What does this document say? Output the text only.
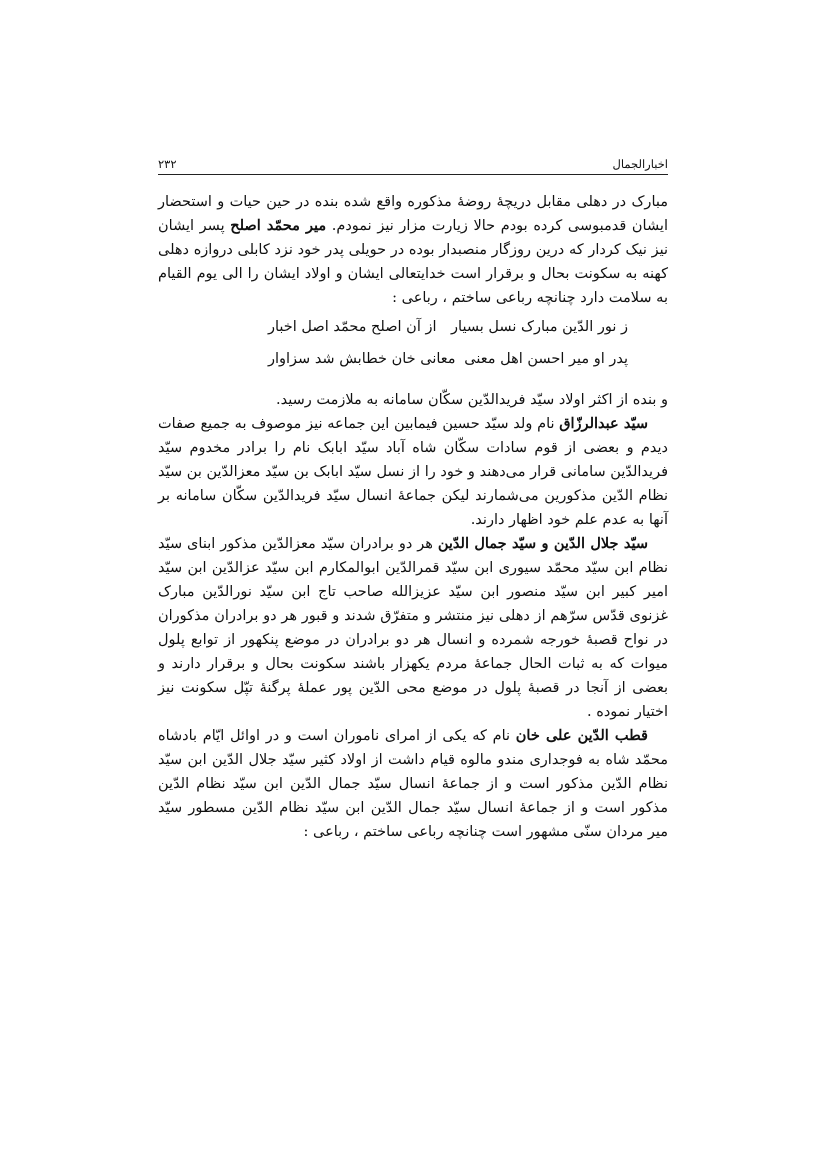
٢٣٢	اخبارالجمال

مبارک در دهلی مقابل دریچهٔ روضهٔ مذکوره واقع شده بنده در حین حیات و استحضار ایشان قدمبوسی کرده بودم حالا زیارت مزار نیز نمودم. میر محمّد اصلح پسر ایشان نیز نیک کردار که درین روزگار منصبدار بوده در حویلی پدر خود نزد کابلی دروازه دهلی کهنه به سکونت بحال و برقرار است خدایتعالی ایشان و اولاد ایشان را الی یوم القیام به سلامت دارد چنانچه رباعی ساختم ، رباعی :

ز نور الدّین مبارک نسل بسیار
از آن اصلح محمّد اصل اخبار
پدر او میر احسن اهل معنی
معانی خان خطابش شد سزاوار

و بنده از اکثر اولاد سیّد فریدالدّین سکّان سامانه به ملازمت رسید.

سیّد عبدالرزّاق نام ولد سیّد حسین فیمابین این جماعه نیز موصوف به جمیع صفات دیدم و بعضی از قوم سادات سکّان شاه آباد سیّد ابابک نام را برادر مخدوم سیّد فریدالدّین سامانی قرار می‌دهند و خود را از نسل سیّد ابابک بن سیّد معزالدّین بن سیّد نظام الدّین مذکورین می‌شمارند لیکن جماعهٔ انسال سیّد فریدالدّین سکّان سامانه بر آنها به عدم علم خود اظهار دارند.

سیّد جلال الدّین و سیّد جمال الدّین هر دو برادران سیّد معزالدّین مذکور ابنای سیّد نظام ابن سیّد محمّد سیوری ابن سیّد قمرالدّین ابوالمکارم ابن سیّد عزالدّین ابن سیّد امیر کبیر ابن سیّد منصور ابن سیّد عزیزالله صاحب تاج ابن سیّد نورالدّین مبارک غزنوی قدّس سرّهم از دهلی نیز منتشر و متفرّق شدند و قبور هر دو برادران مذکوران در نواح قصبهٔ خورجه شمرده و انسال هر دو برادران در موضع پنکهور از توابع پلول میوات که به ثبات الحال جماعهٔ مردم یکهزار باشند سکونت بحال و برقرار دارند و بعضی از آنجا در قصبهٔ پلول در موضع محی الدّین پور عملهٔ پرگنهٔ تپّل سکونت نیز اختیار نموده .

قطب الدّین علی خان نام که یکی از امرای ناموران است و در اوائل ایّام بادشاه محمّد شاه به فوجداری مندو مالوه قیام داشت از اولاد کثیر سیّد جلال الدّین ابن سیّد نظام الدّین مذکور است و از جماعهٔ انسال سیّد جمال الدّین ابن سیّد نظام الدّین مذکور است و از جماعهٔ انسال سیّد جمال الدّین ابن سیّد نظام الدّین مسطور سیّد میر مردان سنّی مشهور است چنانچه رباعی ساختم ، رباعی :
